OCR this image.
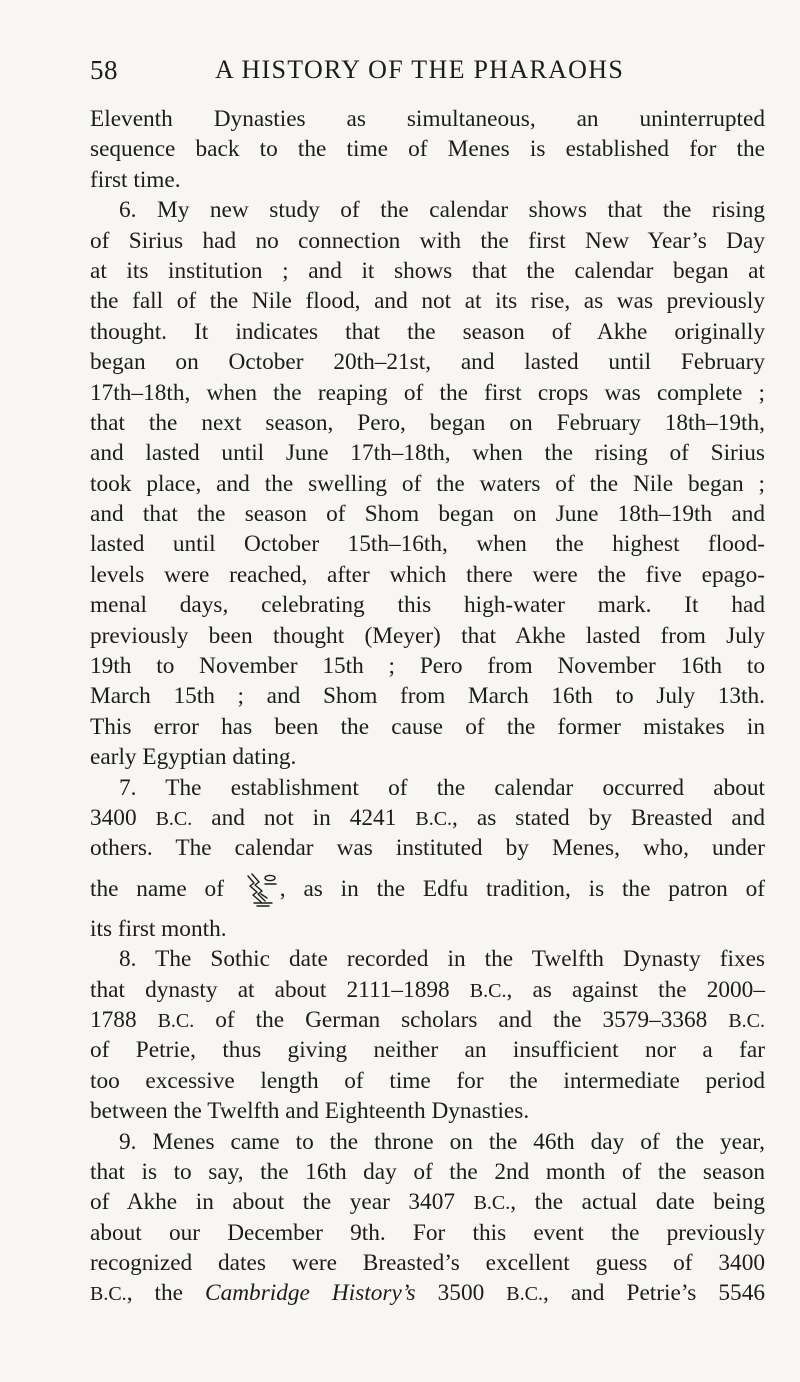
58	A HISTORY OF THE PHARAOHS
Eleventh Dynasties as simultaneous, an uninterrupted
sequence back to the time of Menes is established for the
first time.
6. My new study of the calendar shows that the rising
of Sirius had no connection with the first New Year’s Day
at its institution ; and it shows that the calendar began at
the fall of the Nile flood, and not at its rise, as was previously
thought. It indicates that the season of Akhe originally
began on October 20th–21st, and lasted until February
17th–18th, when the reaping of the first crops was complete ;
that the next season, Pero, began on February 18th–19th,
and lasted until June 17th–18th, when the rising of Sirius
took place, and the swelling of the waters of the Nile began ;
and that the season of Shom began on June 18th–19th and
lasted until October 15th–16th, when the highest flood-
levels were reached, after which there were the five epago-
menal days, celebrating this high-water mark. It had
previously been thought (Meyer) that Akhe lasted from July
19th to November 15th ; Pero from November 16th to
March 15th ; and Shom from March 16th to July 13th.
This error has been the cause of the former mistakes in
early Egyptian dating.
7. The establishment of the calendar occurred about
3400 B.C. and not in 4241 B.C., as stated by Breasted and
others. The calendar was instituted by Menes, who, under
the name of , as in the Edfu tradition, is the patron of
its first month.
8. The Sothic date recorded in the Twelfth Dynasty fixes
that dynasty at about 2111–1898 B.C., as against the 2000–
1788 B.C. of the German scholars and the 3579–3368 B.C.
of Petrie, thus giving neither an insufficient nor a far
too excessive length of time for the intermediate period
between the Twelfth and Eighteenth Dynasties.
9. Menes came to the throne on the 46th day of the year,
that is to say, the 16th day of the 2nd month of the season
of Akhe in about the year 3407 B.C., the actual date being
about our December 9th. For this event the previously
recognized dates were Breasted’s excellent guess of 3400
B.C., the Cambridge History’s 3500 B.C., and Petrie’s 5546
